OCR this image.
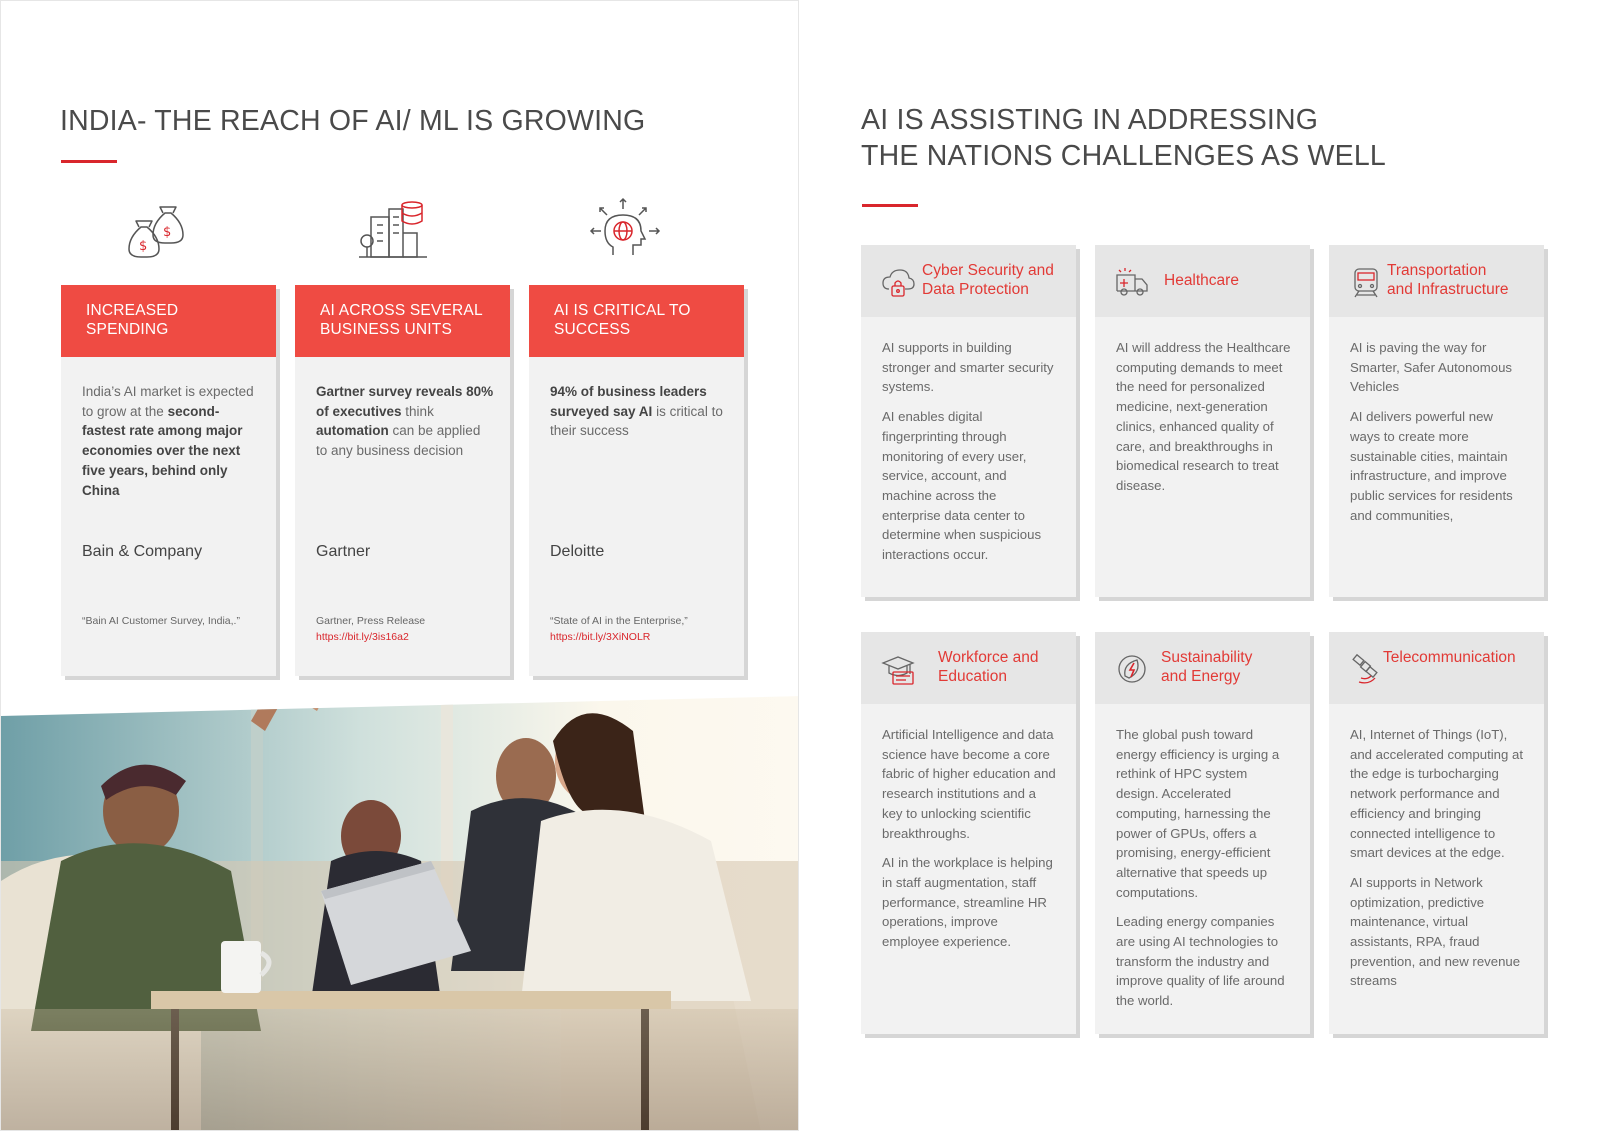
INDIA- THE REACH OF AI/ ML IS GROWING
$
$
INCREASED
SPENDING
India’s AI market is expected to grow at the second-fastest rate among major economies over the next five years, behind only China
Bain & Company
“Bain AI Customer Survey, India,.”
AI ACROSS SEVERAL
BUSINESS UNITS
Gartner survey reveals 80% of executives think automation can be applied to any business decision
Gartner
Gartner, Press Release
https://bit.ly/3is16a2
AI IS CRITICAL TO
SUCCESS
94% of business leaders surveyed say AI is critical to their success
Deloitte
“State of AI in the Enterprise,”
https://bit.ly/3XiNOLR
AI IS ASSISTING IN ADDRESSING
THE NATIONS CHALLENGES AS WELL
Cyber Security and
Data Protection

AI supports in building stronger and smarter security systems.

AI enables digital fingerprinting through monitoring of every user, service, account, and machine across the enterprise data center to determine when suspicious interactions occur.

Healthcare

AI will address the Healthcare computing demands to meet the need for personalized medicine, next-generation clinics, enhanced quality of care, and breakthroughs in biomedical research to treat disease.

Transportation
and Infrastructure

AI is paving the way for Smarter, Safer Autonomous Vehicles

AI delivers powerful new ways to create more sustainable cities, maintain infrastructure, and improve public services for residents and communities,

Workforce and
Education

Artificial Intelligence and data science have become a core fabric of higher education and research institutions and a key to unlocking scientific breakthroughs.

AI in the workplace is helping in staff augmentation, staff performance, streamline HR operations, improve employee experience.

Sustainability
and Energy

The global push toward energy efficiency is urging a rethink of HPC system design. Accelerated computing, harnessing the power of GPUs, offers a promising, energy-efficient alternative that speeds up computations.

Leading energy companies are using AI technologies to transform the industry and improve quality of life around the world.

Telecommunication

AI, Internet of Things (IoT), and accelerated computing at the edge is turbocharging network performance and efficiency and bringing connected intelligence to smart devices at the edge.

AI supports in Network optimization, predictive maintenance, virtual assistants, RPA, fraud prevention, and new revenue streams
